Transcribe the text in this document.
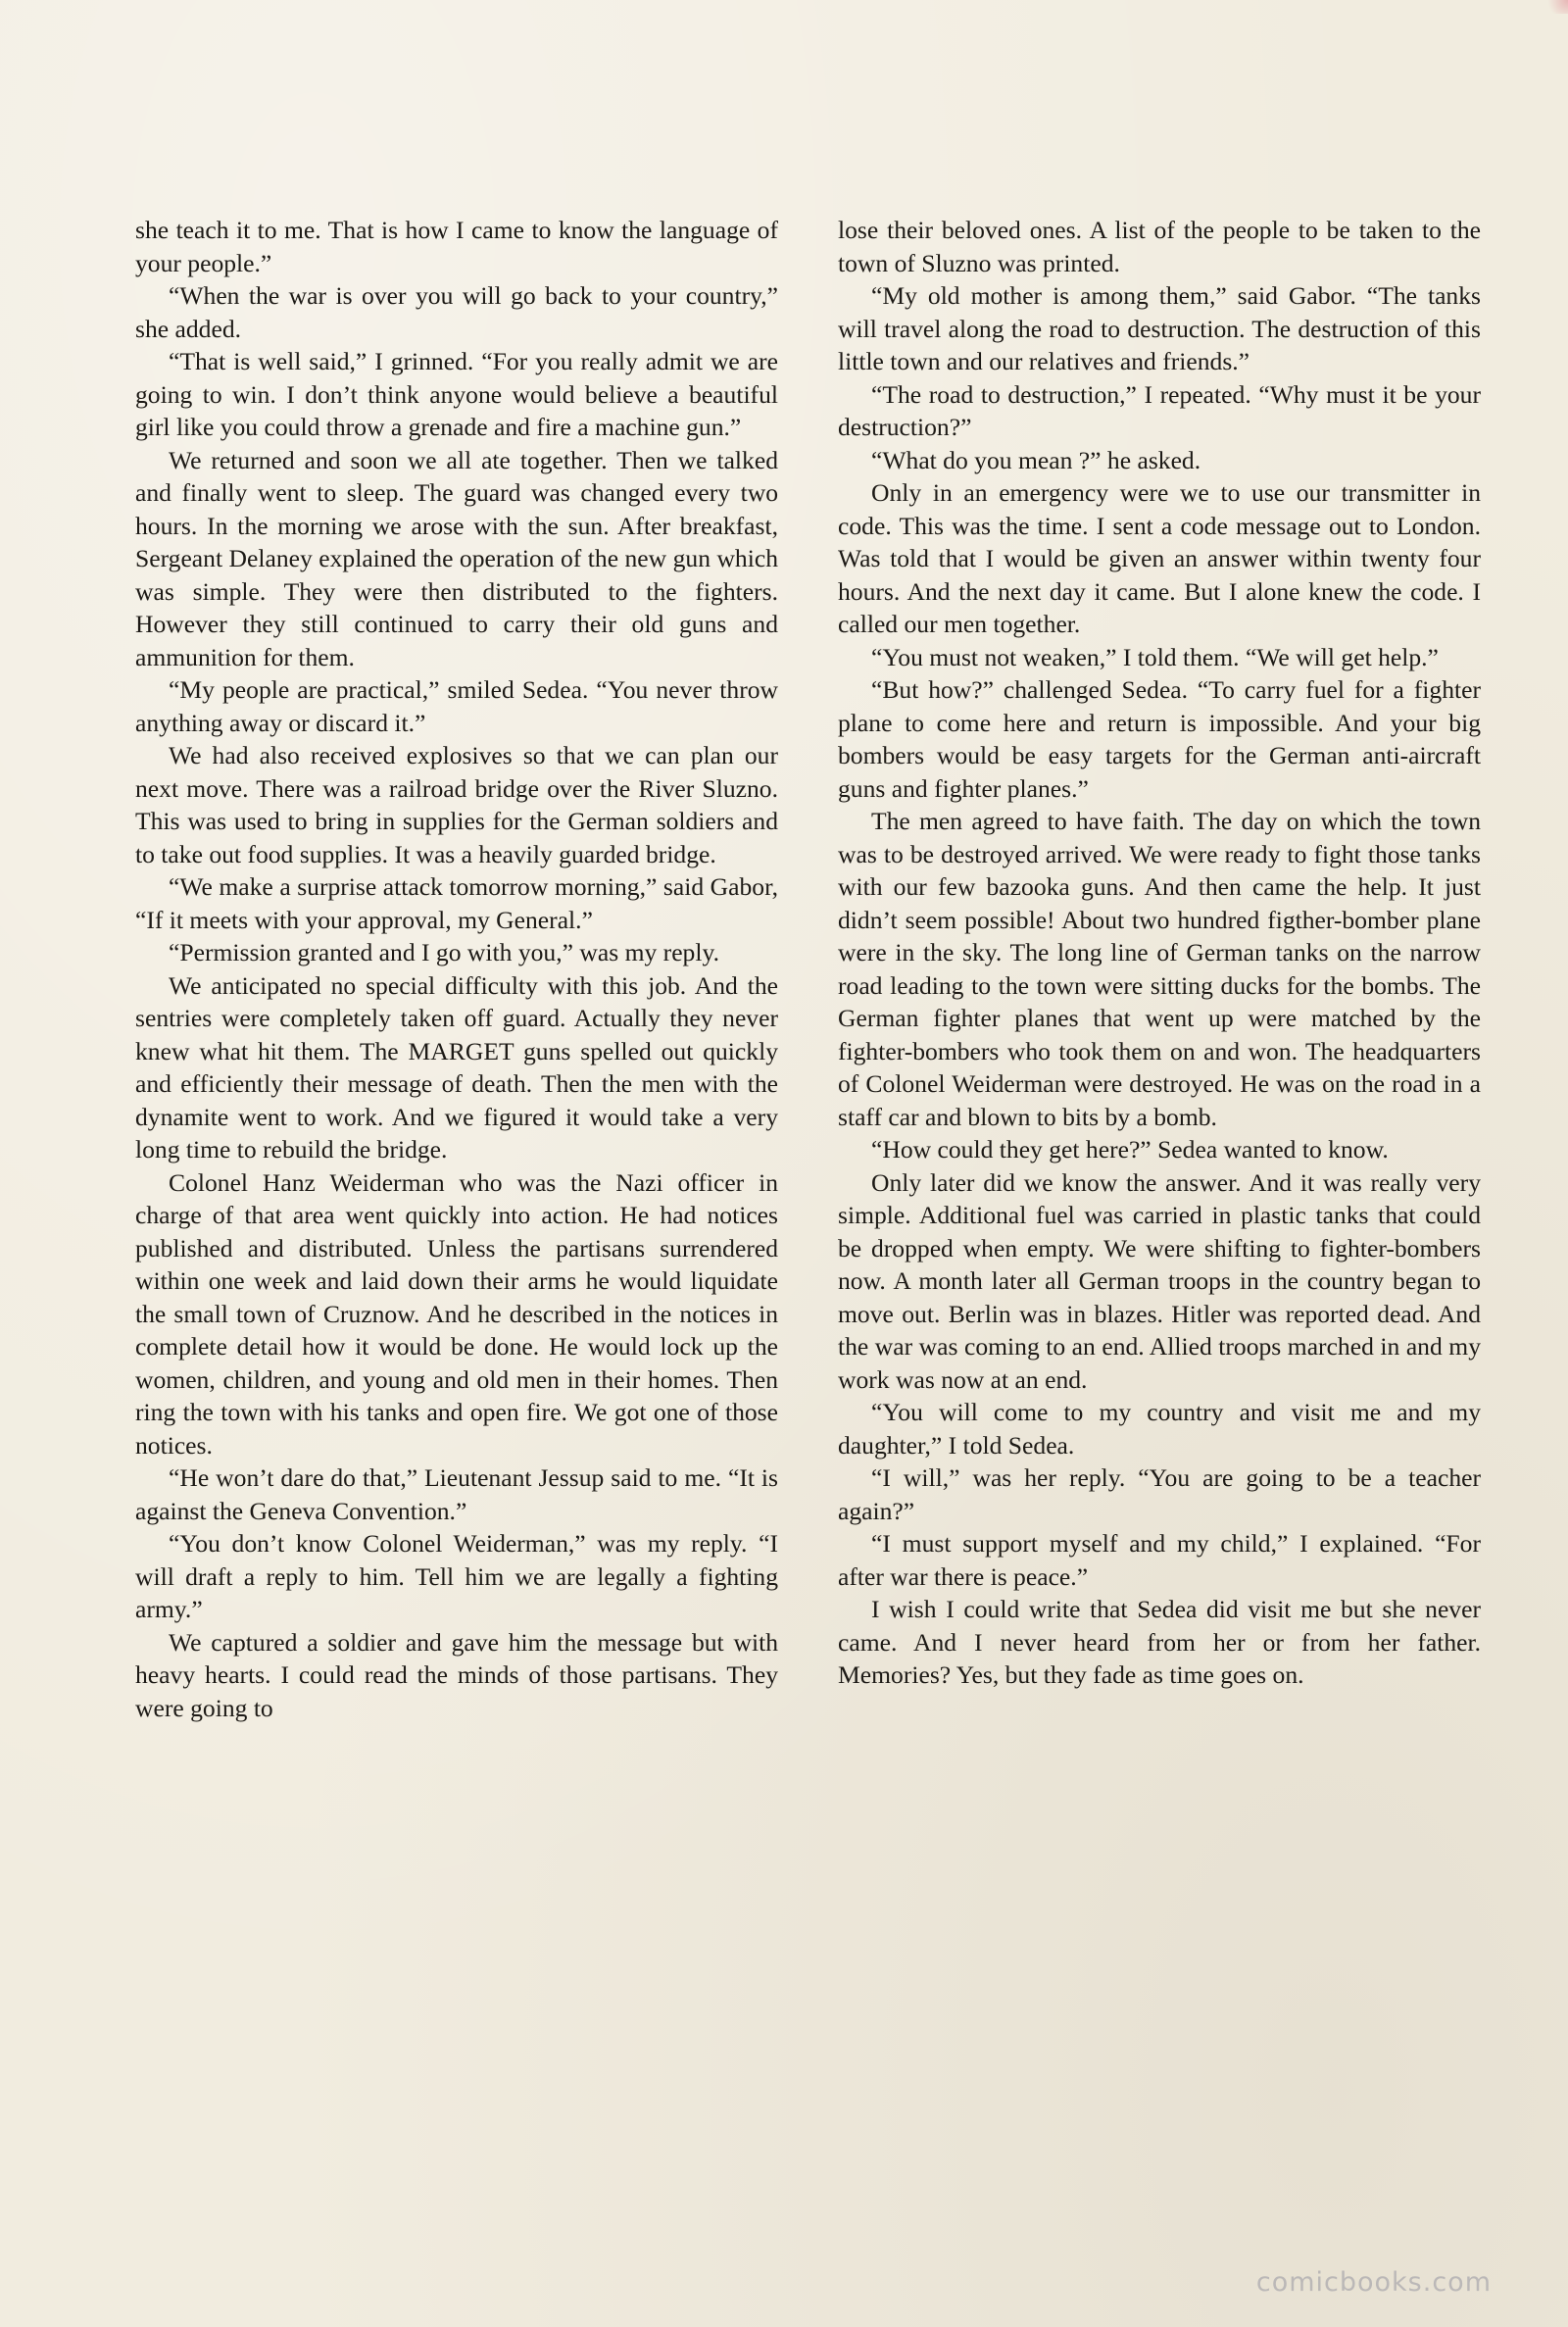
she teach it to me. That is how I came to know the language of your people.”

“When the war is over you will go back to your country,” she added.

“That is well said,” I grinned. “For you really admit we are going to win. I don’t think anyone would believe a beautiful girl like you could throw a grenade and fire a machine gun.”

We returned and soon we all ate together. Then we talked and finally went to sleep. The guard was changed every two hours. In the morning we arose with the sun. After breakfast, Sergeant Delaney explained the operation of the new gun which was simple. They were then distributed to the fighters. However they still continued to carry their old guns and ammunition for them.

“My people are practical,” smiled Sedea. “You never throw anything away or discard it.”

We had also received explosives so that we can plan our next move. There was a railroad bridge over the River Sluzno. This was used to bring in supplies for the German soldiers and to take out food supplies. It was a heavily guarded bridge.

“We make a surprise attack tomorrow morning,” said Gabor, “If it meets with your approval, my General.”

“Permission granted and I go with you,” was my reply.

We anticipated no special difficulty with this job. And the sentries were completely taken off guard. Actually they never knew what hit them. The MARGET guns spelled out quickly and efficiently their message of death. Then the men with the dynamite went to work. And we figured it would take a very long time to rebuild the bridge.

Colonel Hanz Weiderman who was the Nazi officer in charge of that area went quickly into action. He had notices published and distributed. Unless the partisans surrendered within one week and laid down their arms he would liquidate the small town of Cruznow. And he described in the notices in complete detail how it would be done. He would lock up the women, children, and young and old men in their homes. Then ring the town with his tanks and open fire. We got one of those notices.

“He won’t dare do that,” Lieutenant Jessup said to me. “It is against the Geneva Convention.”

“You don’t know Colonel Weiderman,” was my reply. “I will draft a reply to him. Tell him we are legally a fighting army.”

We captured a soldier and gave him the message but with heavy hearts. I could read the minds of those partisans. They were going to

lose their beloved ones. A list of the people to be taken to the town of Sluzno was printed.

“My old mother is among them,” said Gabor. “The tanks will travel along the road to destruction. The destruction of this little town and our relatives and friends.”

“The road to destruction,” I repeated. “Why must it be your destruction?”

“What do you mean ?” he asked.

Only in an emergency were we to use our transmitter in code. This was the time. I sent a code message out to London. Was told that I would be given an answer within twenty four hours. And the next day it came. But I alone knew the code. I called our men together.

“You must not weaken,” I told them. “We will get help.”

“But how?” challenged Sedea. “To carry fuel for a fighter plane to come here and return is impossible. And your big bombers would be easy targets for the German anti-aircraft guns and fighter planes.”

The men agreed to have faith. The day on which the town was to be destroyed arrived. We were ready to fight those tanks with our few bazooka guns. And then came the help. It just didn’t seem possible! About two hundred figther-bomber plane were in the sky. The long line of German tanks on the narrow road leading to the town were sitting ducks for the bombs. The German fighter planes that went up were matched by the fighter-bombers who took them on and won. The headquarters of Colonel Weiderman were destroyed. He was on the road in a staff car and blown to bits by a bomb.

“How could they get here?” Sedea wanted to know.

Only later did we know the answer. And it was really very simple. Additional fuel was carried in plastic tanks that could be dropped when empty. We were shifting to fighter-bombers now. A month later all German troops in the country began to move out. Berlin was in blazes. Hitler was reported dead. And the war was coming to an end. Allied troops marched in and my work was now at an end.

“You will come to my country and visit me and my daughter,” I told Sedea.

“I will,” was her reply. “You are going to be a teacher again?”

“I must support myself and my child,” I explained. “For after war there is peace.”

I wish I could write that Sedea did visit me but she never came. And I never heard from her or from her father. Memories? Yes, but they fade as time goes on.

comicbooks.com
